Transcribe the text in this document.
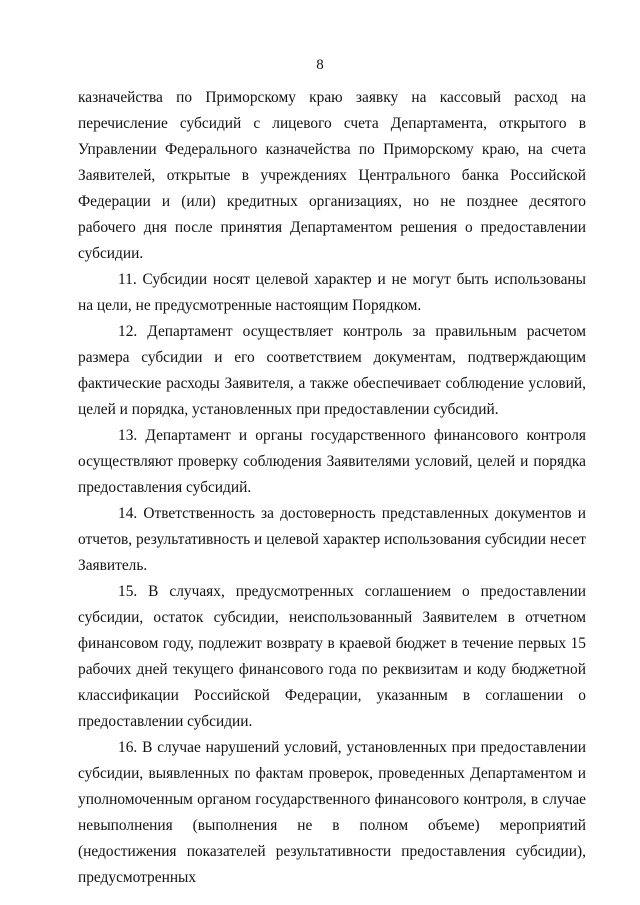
8

казначейства по Приморскому краю заявку на кассовый расход на перечисление субсидий с лицевого счета Департамента, открытого в Управлении Федерального казначейства по Приморскому краю, на счета Заявителей, открытые в учреждениях Центрального банка Российской Федерации и (или) кредитных организациях, но не позднее десятого рабочего дня после принятия Департаментом решения о предоставлении субсидии.

11. Субсидии носят целевой характер и не могут быть использованы на цели, не предусмотренные настоящим Порядком.

12. Департамент осуществляет контроль за правильным расчетом размера субсидии и его соответствием документам, подтверждающим фактические расходы Заявителя, а также обеспечивает соблюдение условий, целей и порядка, установленных при предоставлении субсидий.

13. Департамент и органы государственного финансового контроля осуществляют проверку соблюдения Заявителями условий, целей и порядка предоставления субсидий.

14. Ответственность за достоверность представленных документов и отчетов, результативность и целевой характер использования субсидии несет Заявитель.

15. В случаях, предусмотренных соглашением о предоставлении субсидии, остаток субсидии, неиспользованный Заявителем в отчетном финансовом году, подлежит возврату в краевой бюджет в течение первых 15 рабочих дней текущего финансового года по реквизитам и коду бюджетной классификации Российской Федерации, указанным в соглашении о предоставлении субсидии.

16. В случае нарушений условий, установленных при предоставлении субсидии, выявленных по фактам проверок, проведенных Департаментом и уполномоченным органом государственного финансового контроля, в случае невыполнения (выполнения не в полном объеме) мероприятий (недостижения показателей результативности предоставления субсидии), предусмотренных
